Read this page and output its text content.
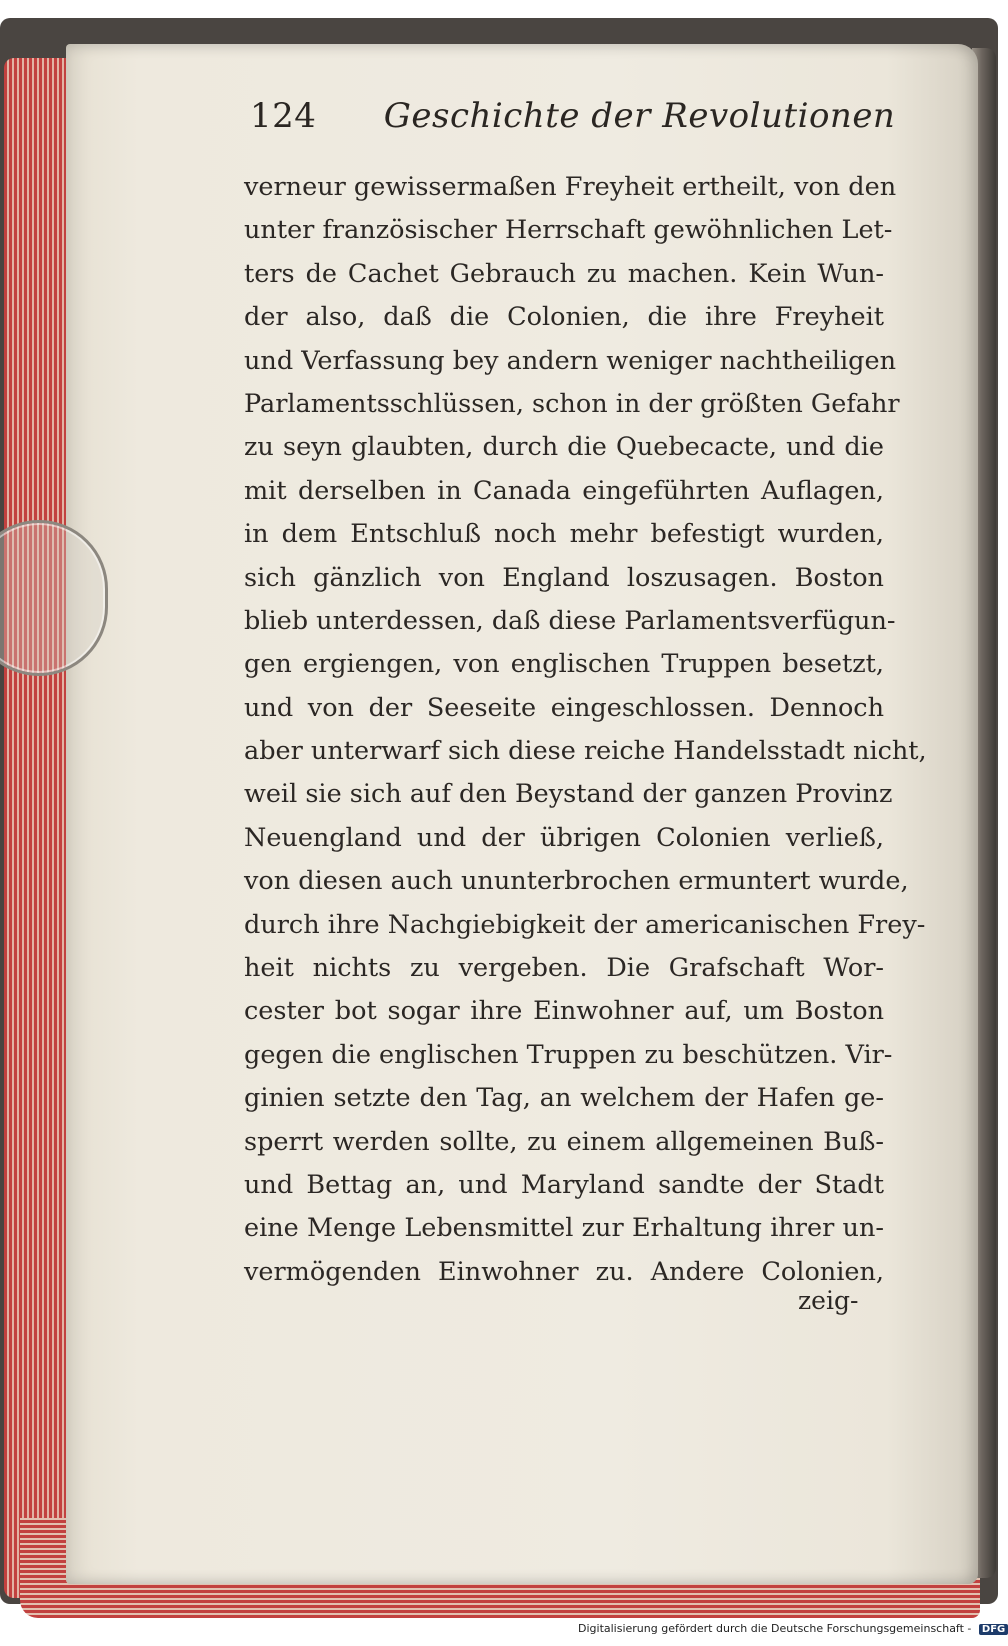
124 Geschichte der Revolutionen
verneur gewissermaßen Freyheit ertheilt, von den
unter französischer Herrschaft gewöhnlichen Let-
ters de Cachet Gebrauch zu machen. Kein Wun-
der also, daß die Colonien, die ihre Freyheit
und Verfassung bey andern weniger nachtheiligen
Parlamentsschlüssen, schon in der größten Gefahr
zu seyn glaubten, durch die Quebecacte, und die
mit derselben in Canada eingeführten Auflagen,
in dem Entschluß noch mehr befestigt wurden,
sich gänzlich von England loszusagen. Boston
blieb unterdessen, daß diese Parlamentsverfügun-
gen ergiengen, von englischen Truppen besetzt,
und von der Seeseite eingeschlossen. Dennoch
aber unterwarf sich diese reiche Handelsstadt nicht,
weil sie sich auf den Beystand der ganzen Provinz
Neuengland und der übrigen Colonien verließ,
von diesen auch ununterbrochen ermuntert wurde,
durch ihre Nachgiebigkeit der americanischen Frey-
heit nichts zu vergeben. Die Grafschaft Wor-
cester bot sogar ihre Einwohner auf, um Boston
gegen die englischen Truppen zu beschützen. Vir-
ginien setzte den Tag, an welchem der Hafen ge-
sperrt werden sollte, zu einem allgemeinen Buß-
und Bettag an, und Maryland sandte der Stadt
eine Menge Lebensmittel zur Erhaltung ihrer un-
vermögenden Einwohner zu. Andere Colonien,
zeig-
Digitalisierung gefördert durch die Deutsche Forschungsgemeinschaft - DFG
